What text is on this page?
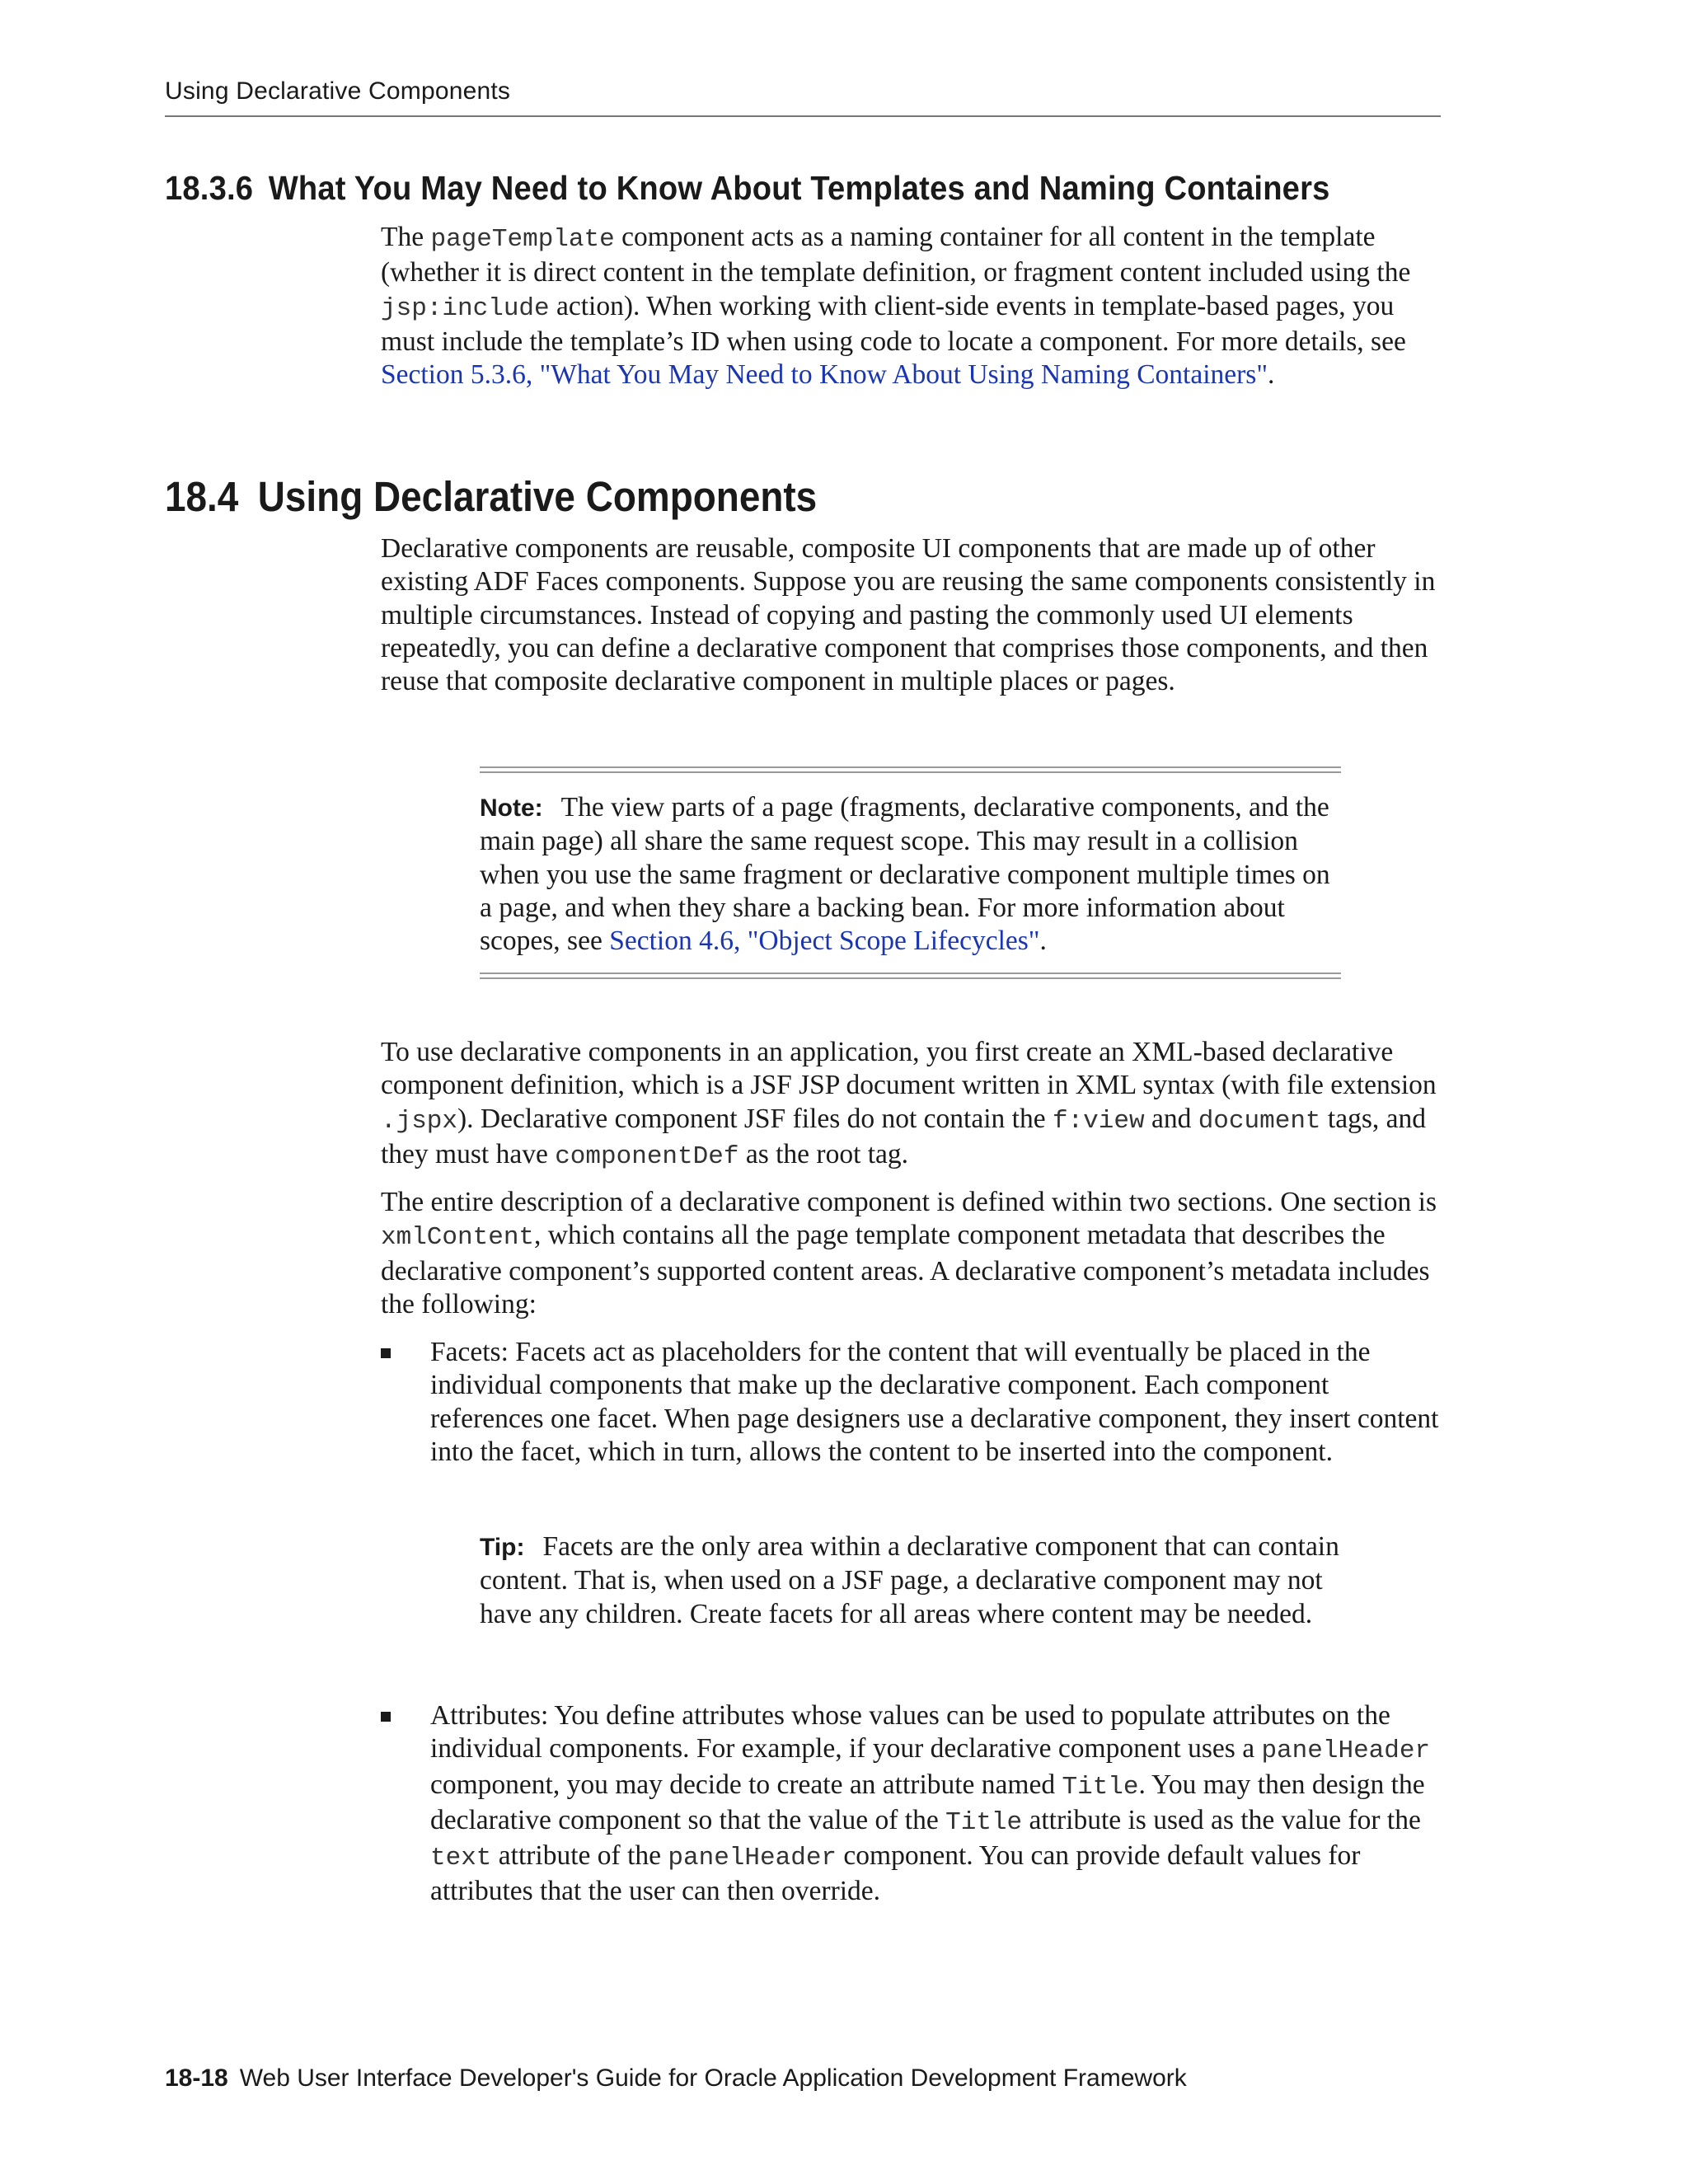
Using Declarative Components
18.3.6 What You May Need to Know About Templates and Naming Containers

The pageTemplate component acts as a naming container for all content in the template (whether it is direct content in the template definition, or fragment content included using the jsp:include action). When working with client-side events in template-based pages, you must include the template’s ID when using code to locate a component. For more details, see Section 5.3.6, "What You May Need to Know About Using Naming Containers".

18.4 Using Declarative Components

Declarative components are reusable, composite UI components that are made up of other existing ADF Faces components. Suppose you are reusing the same components consistently in multiple circumstances. Instead of copying and pasting the commonly used UI elements repeatedly, you can define a declarative component that comprises those components, and then reuse that composite declarative component in multiple places or pages.

Note: The view parts of a page (fragments, declarative components, and the main page) all share the same request scope. This may result in a collision when you use the same fragment or declarative component multiple times on a page, and when they share a backing bean. For more information about scopes, see Section 4.6, "Object Scope Lifecycles".

To use declarative components in an application, you first create an XML-based declarative component definition, which is a JSF JSP document written in XML syntax (with file extension .jspx). Declarative component JSF files do not contain the f:view and document tags, and they must have componentDef as the root tag.

The entire description of a declarative component is defined within two sections. One section is xmlContent, which contains all the page template component metadata that describes the declarative component’s supported content areas. A declarative component’s metadata includes the following:

Facets: Facets act as placeholders for the content that will eventually be placed in the individual components that make up the declarative component. Each component references one facet. When page designers use a declarative component, they insert content into the facet, which in turn, allows the content to be inserted into the component.

Tip: Facets are the only area within a declarative component that can contain content. That is, when used on a JSF page, a declarative component may not have any children. Create facets for all areas where content may be needed.

Attributes: You define attributes whose values can be used to populate attributes on the individual components. For example, if your declarative component uses a panelHeader component, you may decide to create an attribute named Title. You may then design the declarative component so that the value of the Title attribute is used as the value for the text attribute of the panelHeader component. You can provide default values for attributes that the user can then override.

18-18 Web User Interface Developer's Guide for Oracle Application Development Framework
